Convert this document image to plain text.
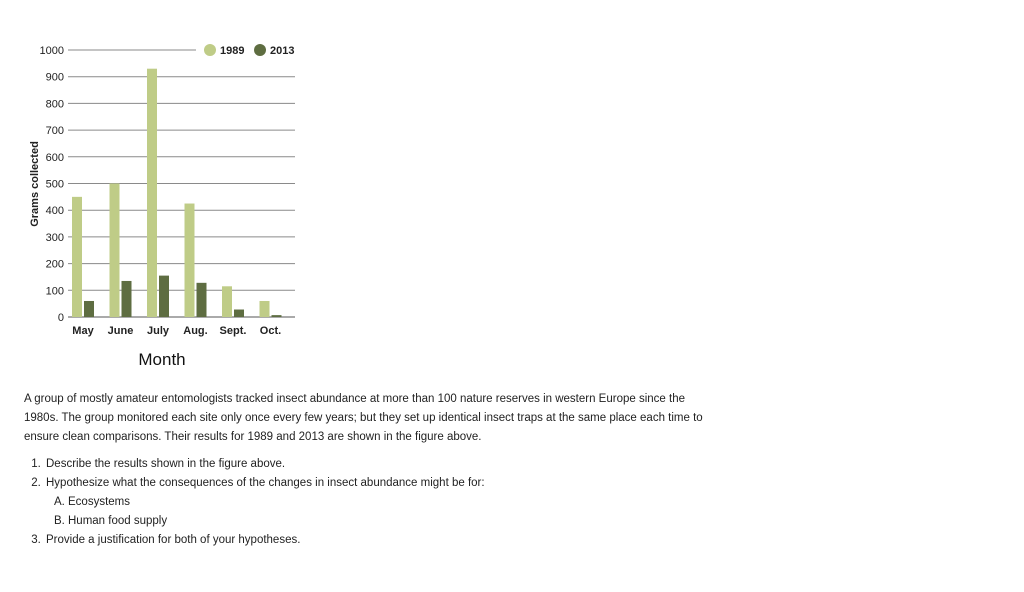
0
100
200
300
400
500
600
700
800
900
1000
May June July Aug. Sept. Oct.
1989 2013
Grams collected
Month

A group of mostly amateur entomologists tracked insect abundance at more than 100 nature reserves in western Europe since the 1980s. The group monitored each site only once every few years; but they set up identical insect traps at the same place each time to ensure clean comparisons. Their results for 1989 and 2013 are shown in the figure above.

1. Describe the results shown in the figure above.
2. Hypothesize what the consequences of the changes in insect abundance might be for:
A. Ecosystems
B. Human food supply
3. Provide a justification for both of your hypotheses.
